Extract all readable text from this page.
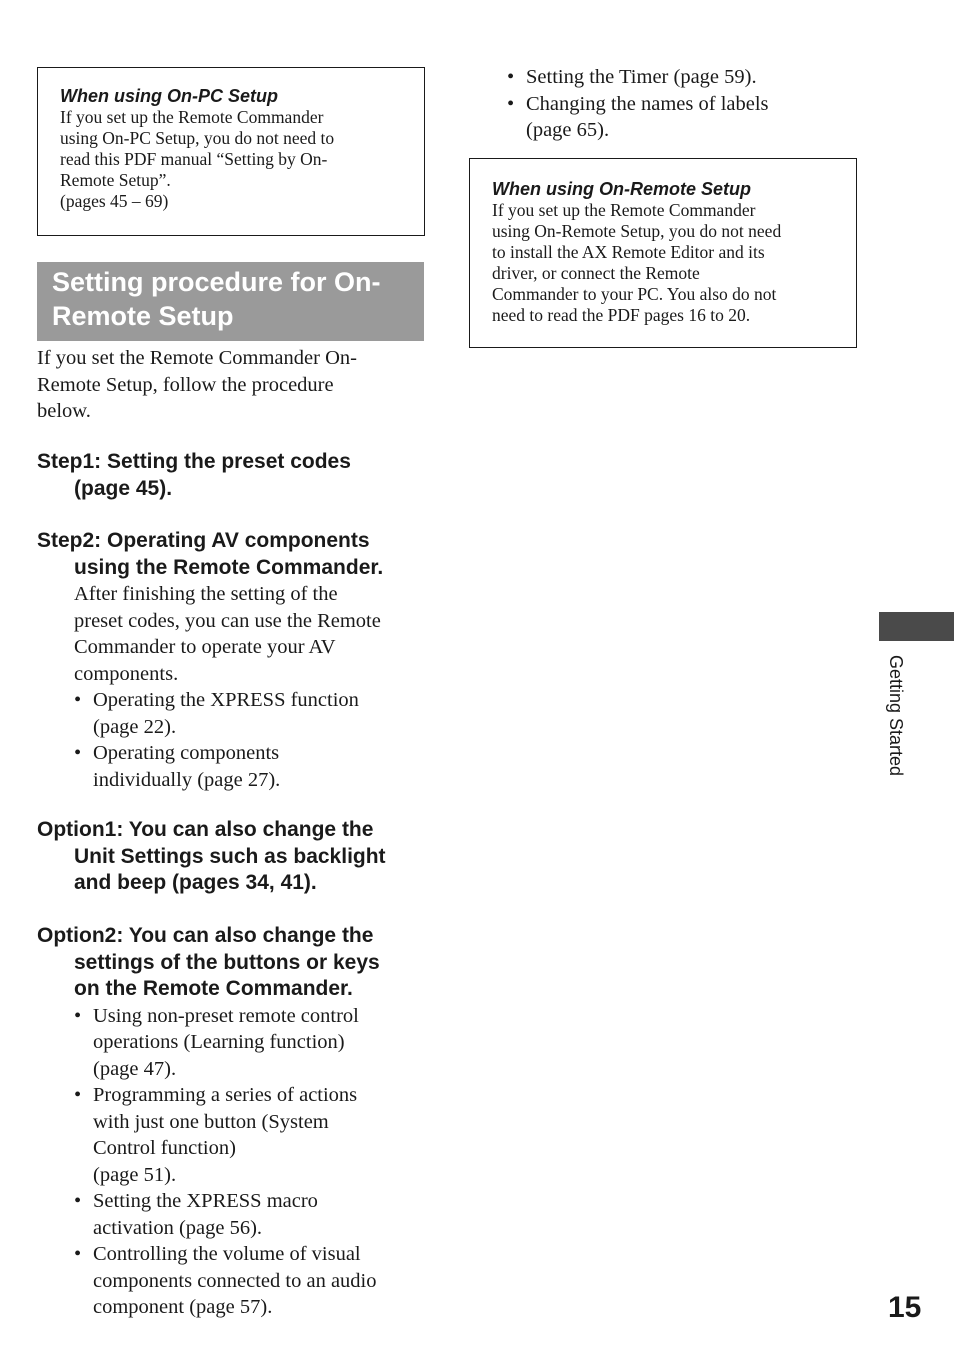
When using On-PC Setup
If you set up the Remote Commander
using On-PC Setup, you do not need to
read this PDF manual “Setting by On-
Remote Setup”.
(pages 45 – 69)
Setting procedure for On-
Remote Setup
If you set the Remote Commander On-
Remote Setup, follow the procedure
below.

Step1: Setting the preset codes
(page 45).

Step2: Operating AV components
using the Remote Commander.

After finishing the setting of the
preset codes, you can use the Remote
Commander to operate your AV
components.
• Operating the XPRESS function
(page 22).
• Operating components
individually (page 27).

Option1: You can also change the
Unit Settings such as backlight
and beep (pages 34, 41).

Option2: You can also change the
settings of the buttons or keys
on the Remote Commander.

• Using non-preset remote control
operations (Learning function)
(page 47).
• Programming a series of actions
with just one button (System
Control function)
(page 51).
• Setting the XPRESS macro
activation (page 56).
• Controlling the volume of visual
components connected to an audio
component (page 57).
• Setting the Timer (page 59).
• Changing the names of labels
(page 65).
When using On-Remote Setup
If you set up the Remote Commander
using On-Remote Setup, you do not need
to install the AX Remote Editor and its
driver, or connect the Remote
Commander to your PC. You also do not
need to read the PDF pages 16 to 20.
Getting Started
15
